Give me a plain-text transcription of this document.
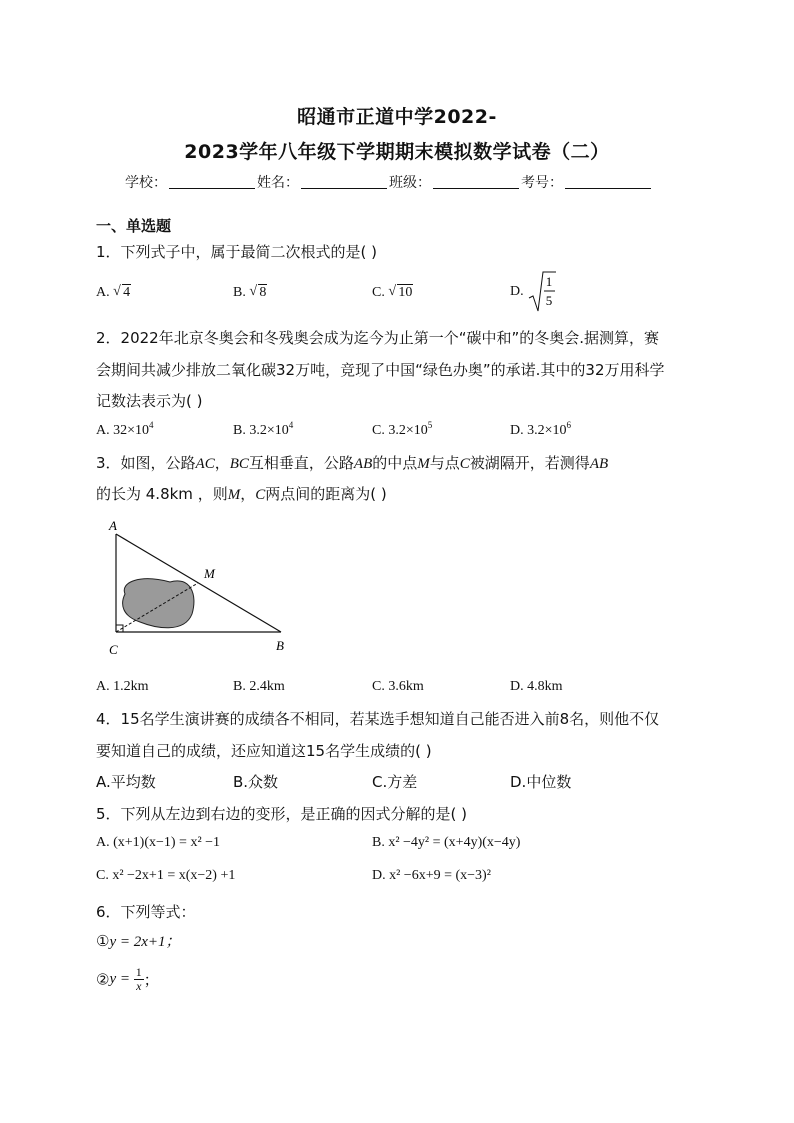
昭通市正道中学2022-
2023学年八年级下学期期末模拟数学试卷（二）
学校：	姓名：	班级：	考号：
一、单选题
1．下列式子中，属于最简二次根式的是( )
A. √ 4	B. √ 8	C. √ 10	D.
1
5
2．2022年北京冬奥会和冬残奥会成为迄今为止第一个“碳中和”的冬奥会.据测算，赛
会期间共减少排放二氧化碳32万吨，竞现了中国“绿色办奥”的承诺.其中的32万用科学
记数法表示为( )
A. $32\times 10^4$	B. $3.2\times 10^4$	C. $3.2\times 10^5$	D. $3.2\times 10^6$
3．如图，公路AC，BC互相垂直，公路AB的中点M与点C被湖隔开，若测得AB
的长为 4.8km ，则M，C两点间的距离为( )
A
M
C	B
A. 1.2km	B. 2.4km	C. 3.6km	D. 4.8km
4．15名学生演讲赛的成绩各不相同，若某选手想知道自己能否进入前8名，则他不仅
要知道自己的成绩，还应知道这15名学生成绩的( )
A.平均数	B.众数	C.方差	D.中位数
5．下列从左边到右边的变形，是正确的因式分解的是( )
A. (x+1)(x−1) = x² −1	B. x² −4y² = (x+4y)(x−4y)
C. x² −2x+1 = x(x−2) +1	D. x² −6x+9 = (x−3)²
6．下列等式：
①y = 2x+1；
②y = $\frac{1}{x}$ ；
